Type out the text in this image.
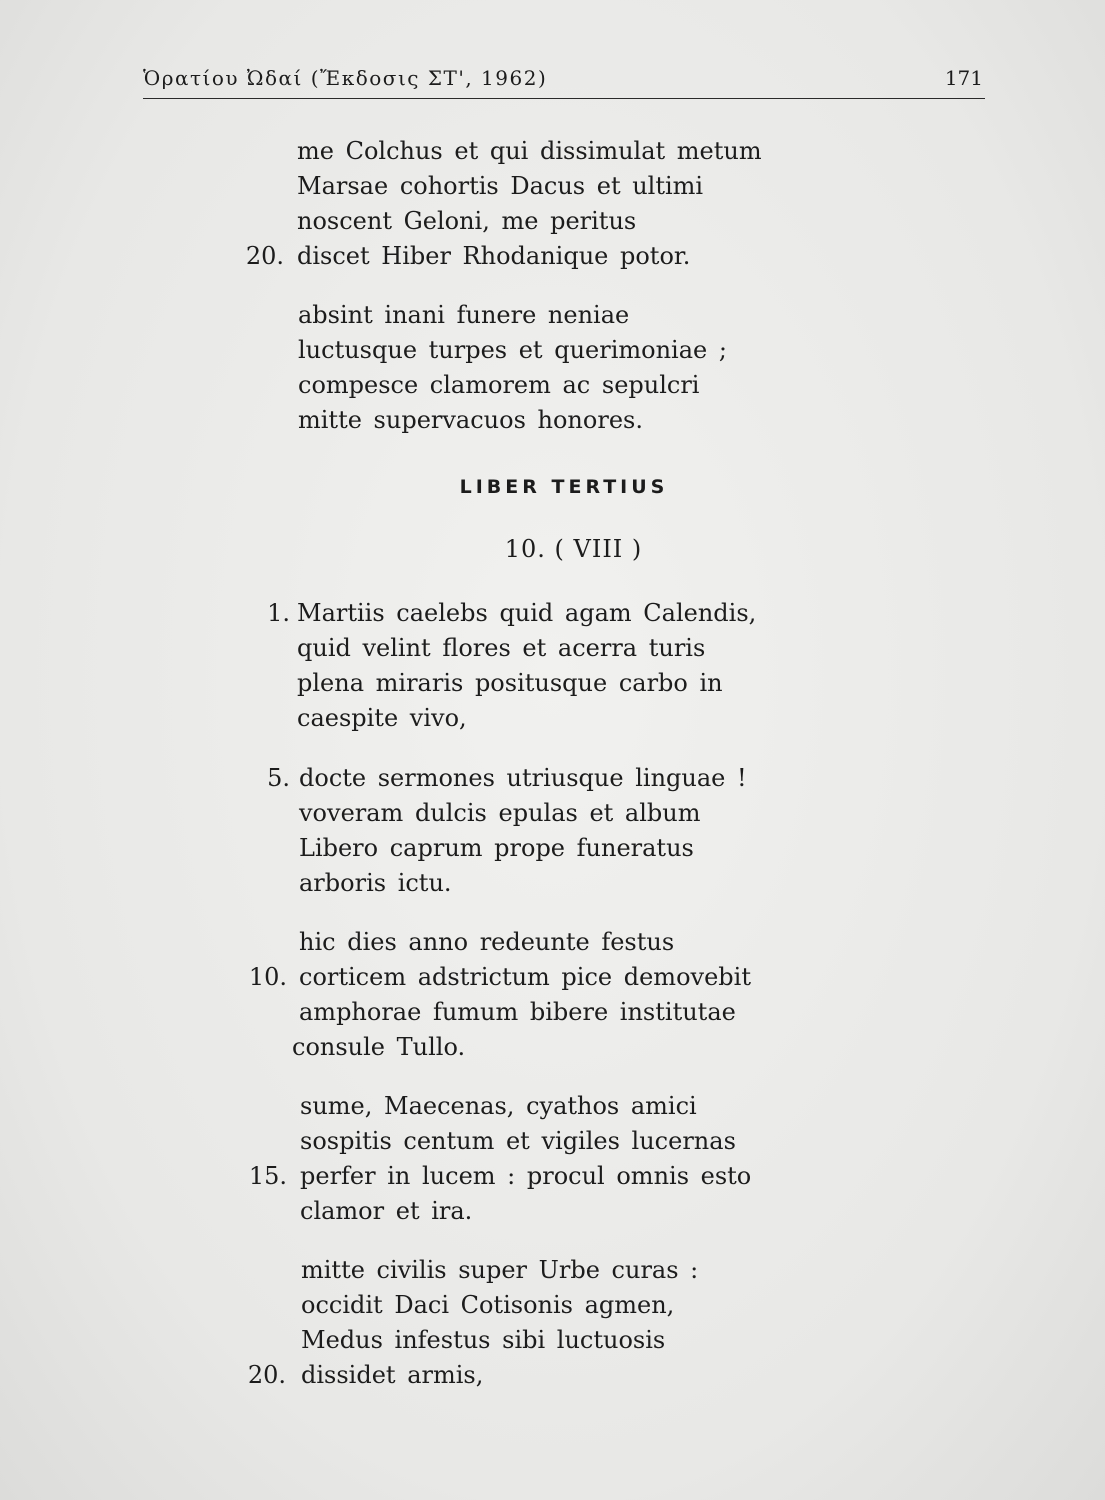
Ὁρατίου Ὠδαί (Ἔκδοσις ΣΤ', 1962)	171
me Colchus et qui dissimulat metum
Marsae cohortis Dacus et ultimi
noscent Geloni, me peritus
20. discet Hiber Rhodanique potor.
absint inani funere neniae
luctusque turpes et querimoniae ;
compesce clamorem ac sepulcri
mitte supervacuos honores.
LIBER TERTIUS
10. ( VIII )
1. Martiis caelebs quid agam Calendis,
quid velint flores et acerra turis
plena miraris positusque carbo in
caespite vivo,
5. docte sermones utriusque linguae !
voveram dulcis epulas et album
Libero caprum prope funeratus
arboris ictu.
hic dies anno redeunte festus
10. corticem adstrictum pice demovebit
amphorae fumum bibere institutae
consule Tullo.
sume, Maecenas, cyathos amici
sospitis centum et vigiles lucernas
15. perfer in lucem : procul omnis esto
clamor et ira.
mitte civilis super Urbe curas :
occidit Daci Cotisonis agmen,
Medus infestus sibi luctuosis
20. dissidet armis,
